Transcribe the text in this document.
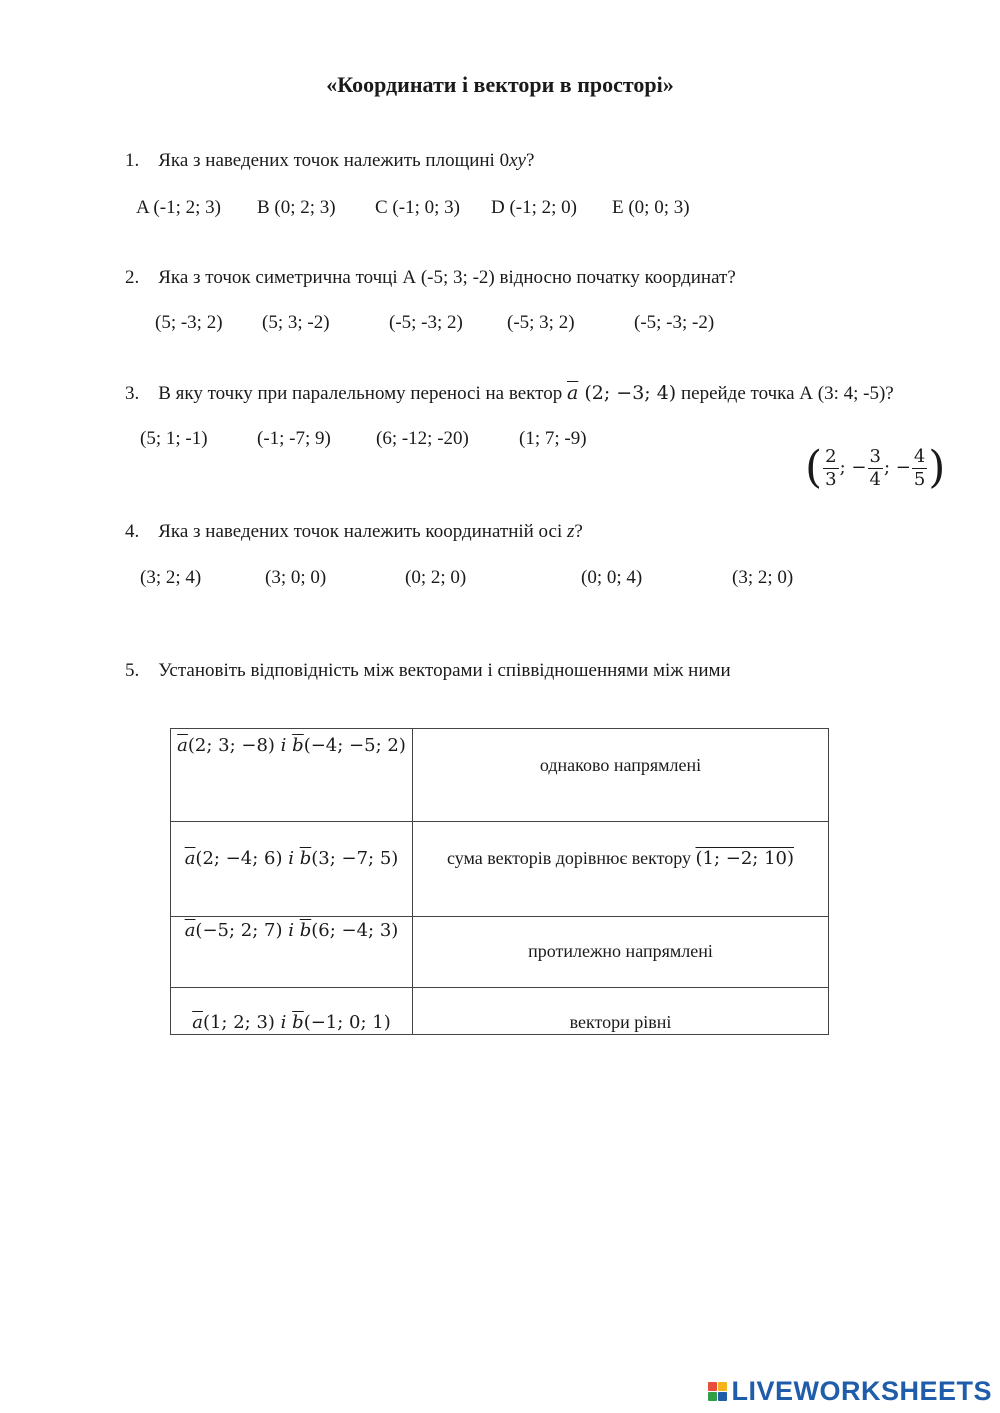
«Координати і вектори в просторі»
1. Яка з наведених точок належить площині 0xy?
A (-1; 2; 3) B (0; 2; 3) C (-1; 0; 3) D (-1; 2; 0) E (0; 0; 3)
2. Яка з точок симетрична точці А (-5; 3; -2) відносно початку координат?
(5; -3; 2) (5; 3; -2)	(-5; -3; 2) (-5; 3; 2)	(-5; -3; -2)
3. В яку точку при паралельному переносі на вектор $\overline{a}$ (2; −3; 4) перейде точка А (3: 4; -5)?
(5; 1; -1)	(-1; -7; 9) (6; -12; -20)	(1; 7; -9)
( $\frac{2}{3}$ ; − $\frac{3}{4}$ ; − $\frac{4}{5}$ )
4. Яка з наведених точок належить координатній осі z?
(3; 2; 4)	(3; 0; 0)	(0; 2; 0)	(0; 0; 4)	(3; 2; 0)
5. Установіть відповідність між векторами і співвідношеннями між ними
$\overline{a}(2$; 3; −8) і $\overline{b}(-4$; −5; 2)	однаково напрямлені
$\overline{a}(2$; −4; 6) і $\overline{b}(3$; −7; 5)	сума векторів дорівнює вектору (1; −2; 10)
$\overline{a}(-5$; 2; 7) і $\overline{b}(6$; −4; 3)	протилежно напрямлені
$\overline{a}(1$; 2; 3) і $\overline{b}(-1$; 0; 1)	вектори рівні
LIVEWORKSHEETS
